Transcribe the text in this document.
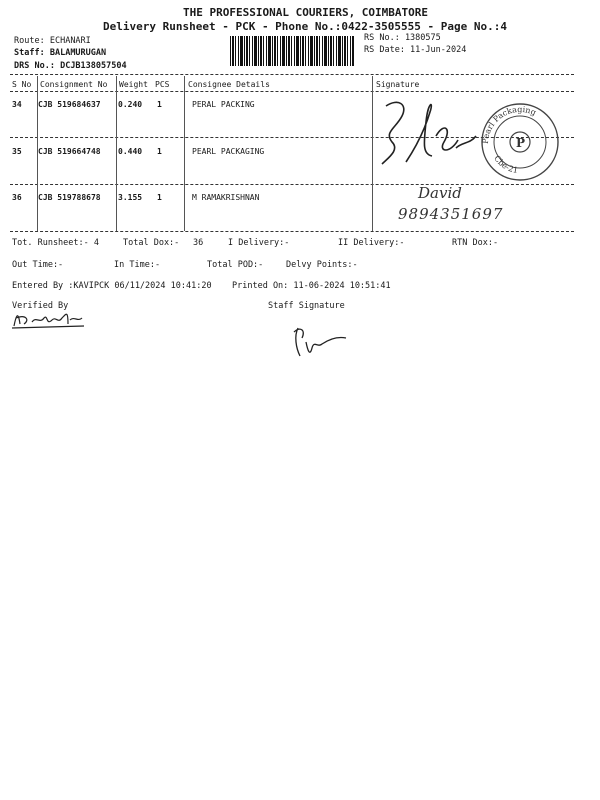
THE PROFESSIONAL COURIERS, COIMBATORE
Delivery Runsheet - PCK - Phone No.:0422-3505555 - Page No.:4
Route: ECHANARI
Staff: BALAMURUGAN
DRS No.: DCJB138057504
RS No.: 1380575
RS Date: 11-Jun-2024
S No Consignment No Weight PCS Consignee Details	Signature
34 CJB 519684637 0.240 1	PERAL PACKING
35 CJB 519664748 0.440 1	PEARL PACKAGING
36 CJB 519788678 3.155 1	M RAMAKRISHNAN
P
Pearl Packaging
Cbe-21
David
9894351697
Tot. Runsheet:- 4	Total Dox:- 36	I Delivery:-	II Delivery:-	RTN Dox:-
Out Time:-	In Time:-	Total POD:-	Delvy Points:-
Entered By :KAVIPCK 06/11/2024 10:41:20 Printed On: 11-06-2024 10:51:41
Verified By	Staff Signature
